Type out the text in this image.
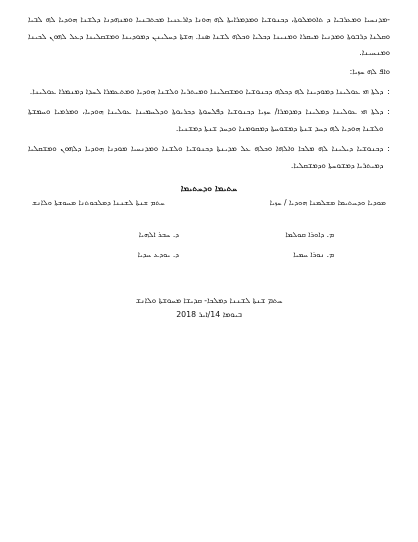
-ܡܕܢܚܝܐ ܘܡܥܪܒܝܐ ܕ ܬܐܘܡܠܘܬܐ، ܕܟܢܘܫܝܐ ܘܡܕܡܪܐܝܬܐ ܠܗ ܗܘܢܐ ܕܐܪܥܢܝܐ ܡܟܬܒܢܝܐ ܘܡܢܗܕܢܐ ܕܠܫܢܐ ܗܘܕܝܐ ܠܗ ܠܒܝܐ ܘܩܠܢܐ ܕܪܒܘܬܐ ܘܡܕܢܝܐ ܡܝܩܪܐ ܘܡܢܝܢܐ ܕܟܠܝܐ ܘܟܠܗ ܠܫܢܐ ܣܢܐ. ܗܫܬܐ ܕܚܠܝܢܢ ܕܡܘܕܝܢܐ ܘܡܫܩܠܝܢܐ ܕܥܠ ܠܗܘܢ ܠܟܝܢܐ ܘܡܢܚܝܢܐ.

ܘܐܦ ܠܗ ܚܙܝܐ:
:

ܕܠܬܐ ܗܝ ܥܘܠܝܢܐ ܕܡܘܕܝܢܐ ܠܗ ܕܟܠܗ ܕܟܢܘܫܝܐ ܘܡܫܩܠܝܢܐ ܘܡܝܬܪܝܐ ܘܠܫܢܐ ܗܘܕܝܐ ܘܡܬܥܡܪܐ ܠܚܕܐ ܕܡܢܡܪܐ ܥܘܠܝܢܐ.

:

ܕܠܬܐ ܗܝ ܥܘܠܝܢܐ ܕܡܠܝܢܐ ܕܡܕܡܪܐ/ ܚܙܝܐ ܕܟܢܘܫܝܐ ܕܦܠܚܘܬܐ ܕܟܪܝܘܬܐ ܘܕܠܚܡܝܢܐ ܥܘܠܝܢܐ ܗܘܕܝܐ، ܘܡܪܡܝܐ ܘܚܡܫܬܐ ܘܠܫܢܐ ܗܘܕܝܐ ܠܗ ܕܚܕ ܫܢܬܐ ܕܡܫܘܚܬܐ ܕܡܩܘܡܢܐ ܘܕܚܕ ܫܢܬܐ ܕܡܫܢܝܐ.

:

ܕܟܢܘܫܝܐ ܕܝܠܝܢܐ ܠܗ ܡܠܟܐ ܘܐܠܗܐ ܘܟܠܗ ܥܠ ܡܕܝܢܬܐ ܕܟܢܘܫܝܐ ܘܠܫܢܐ ܘܡܕܢܚܝܐ ܡܘܕܢܐ ܗܘܕܝܐ ܕܠܗܘܢ ܘܡܫܩܠܝܐ ܕܡܝܬܪܝܐ ܕܡܫܘܚܬܐ ܘܕܡܫܩܠܝܐ.

ܚܬܝܡܐ ܘܕܚܬܝܡܐ
ܡܘܕܝܐ ܘܕܚܬܝܡܐ ܡܫܠܡܢܐ ܗܘܕܝܐ / ܚܙܝܐ
ܚܬܡ ܫܢܬܐ ܠܫܢܢܐ ܕܡܠܟܘܬܢܐ ܡܚܘܫܬܐ ܘܠܐܢܫ
ܡ. ܕܐܘܪܐ ܩܘܠܡܐ
ܕ. ܚܒܪ ܐܠܗܝܐ
ܡ. ܢܘܪܐ ܚܡܝܐ
ܕ. ܝܘܕܥ ܚܕܝܐ
ܚܬܡ ܫܢܬܐ ܠܫܢܢܐ ܕܡܠܟܐ- ܩܕܝܫܐ ܡܚܘܫܬܐ ܘܠܐܢܫ
ܒܝܘܡܐ 14/ܐܝܪ 2018
